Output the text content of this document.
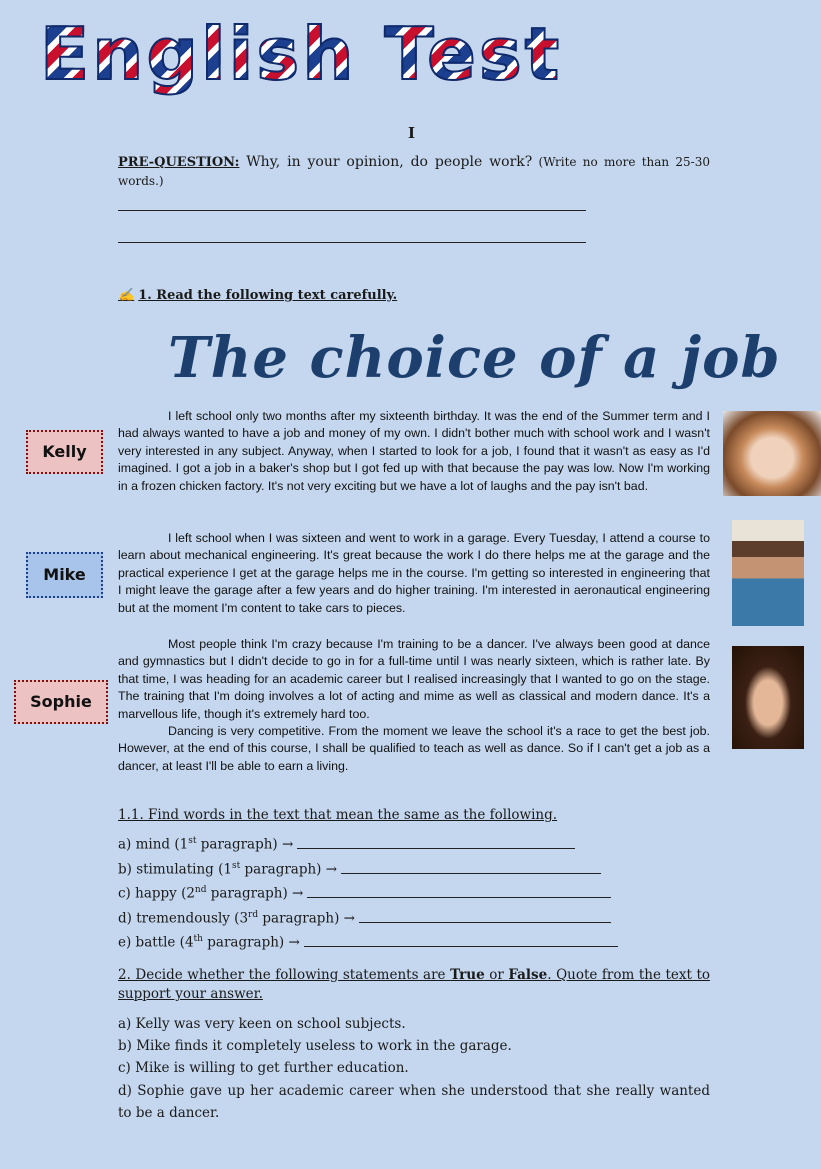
English Test
I
PRE-QUESTION: Why, in your opinion, do people work? (Write no more than 25-30 words.)
✍ 1. Read the following text carefully.
The choice of a job
Kelly

I left school only two months after my sixteenth birthday. It was the end of the Summer term and I had always wanted to have a job and money of my own. I didn't bother much with school work and I wasn't very interested in any subject. Anyway, when I started to look for a job, I found that it wasn't as easy as I'd imagined. I got a job in a baker's shop but I got fed up with that because the pay was low. Now I'm working in a frozen chicken factory. It's not very exciting but we have a lot of laughs and the pay isn't bad.

Mike

I left school when I was sixteen and went to work in a garage. Every Tuesday, I attend a course to learn about mechanical engineering. It's great because the work I do there helps me at the garage and the practical experience I get at the garage helps me in the course. I'm getting so interested in engineering that I might leave the garage after a few years and do higher training. I'm interested in aeronautical engineering but at the moment I'm content to take cars to pieces.

Sophie

Most people think I'm crazy because I'm training to be a dancer. I've always been good at dance and gymnastics but I didn't decide to go in for a full-time until I was nearly sixteen, which is rather late. By that time, I was heading for an academic career but I realised increasingly that I wanted to go on the stage. The training that I'm doing involves a lot of acting and mime as well as classical and modern dance. It's a marvellous life, though it's extremely hard too.

Dancing is very competitive. From the moment we leave the school it's a race to get the best job. However, at the end of this course, I shall be qualified to teach as well as dance. So if I can't get a job as a dancer, at least I'll be able to earn a living.

1.1. Find words in the text that mean the same as the following.
a) mind (1st paragraph) →
b) stimulating (1st paragraph) →
c) happy (2nd paragraph) →
d) tremendously (3rd paragraph) →
e) battle (4th paragraph) →
2. Decide whether the following statements are True or False. Quote from the text to support your answer.
a) Kelly was very keen on school subjects.
b) Mike finds it completely useless to work in the garage.
c) Mike is willing to get further education.
d) Sophie gave up her academic career when she understood that she really wanted to be a dancer.
